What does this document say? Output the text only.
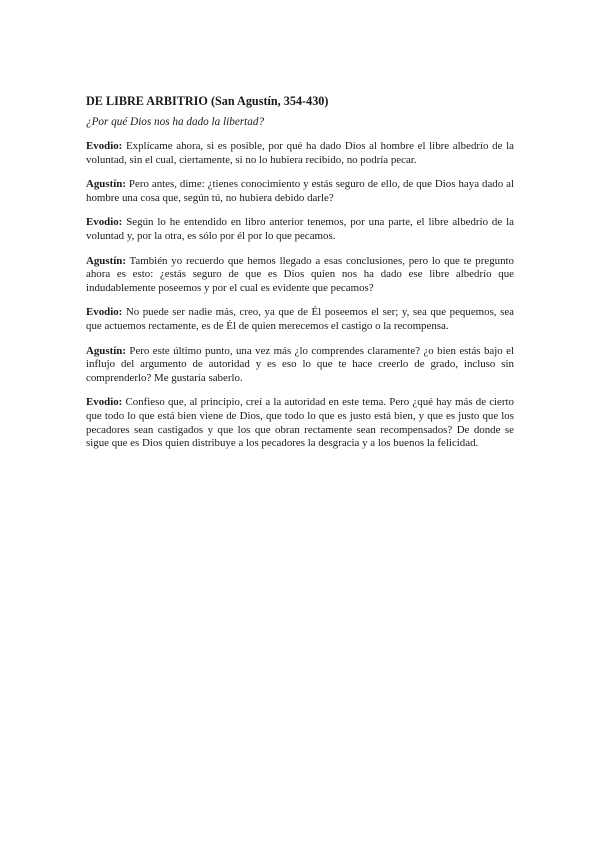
DE LIBRE ARBITRIO (San Agustín, 354-430)
¿Por qué Dios nos ha dado la libertad?

Evodio: Explícame ahora, si es posible, por qué ha dado Dios al hombre el libre albedrío de la voluntad, sin el cual, ciertamente, si no lo hubiera recibido, no podría pecar.

Agustín: Pero antes, dime: ¿tienes conocimiento y estás seguro de ello, de que Dios haya dado al hombre una cosa que, según tú, no hubiera debido darle?

Evodio: Según lo he entendido en libro anterior tenemos, por una parte, el libre albedrío de la voluntad y, por la otra, es sólo por él por lo que pecamos.

Agustín: También yo recuerdo que hemos llegado a esas conclusiones, pero lo que te pregunto ahora es esto: ¿estás seguro de que es Dios quien nos ha dado ese libre albedrío que indudablemente poseemos y por el cual es evidente que pecamos?

Evodio: No puede ser nadie más, creo, ya que de Él poseemos el ser; y, sea que pequemos, sea que actuemos rectamente, es de Él de quien merecemos el castigo o la recompensa.

Agustín: Pero este último punto, una vez más ¿lo comprendes claramente? ¿o bien estás bajo el influjo del argumento de autoridad y es eso lo que te hace creerlo de grado, incluso sin comprenderlo? Me gustaría saberlo.

Evodio: Confieso que, al principio, creí a la autoridad en este tema. Pero ¿qué hay más de cierto que todo lo que está bien viene de Dios, que todo lo que es justo está bien, y que es justo que los pecadores sean castigados y que los que obran rectamente sean recompensados? De donde se sigue que es Dios quien distribuye a los pecadores la desgracia y a los buenos la felicidad.
